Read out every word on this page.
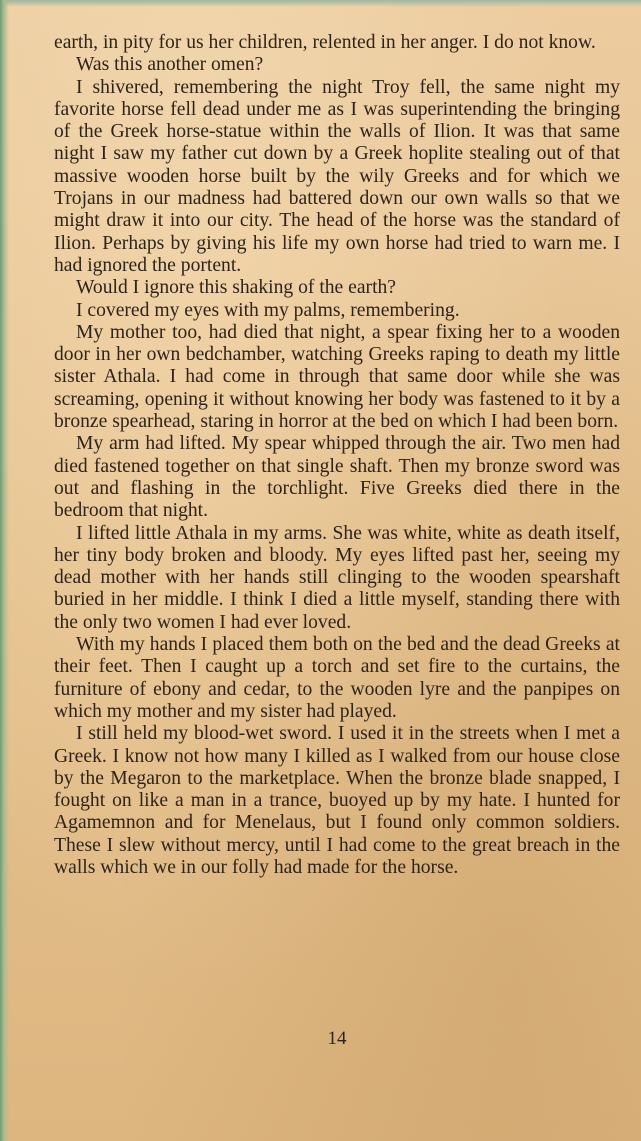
earth, in pity for us her children, relented in her anger. I do not know.

Was this another omen?

I shivered, remembering the night Troy fell, the same night my favorite horse fell dead under me as I was superintending the bringing of the Greek horse-statue within the walls of Ilion. It was that same night I saw my father cut down by a Greek hoplite stealing out of that massive wooden horse built by the wily Greeks and for which we Trojans in our madness had battered down our own walls so that we might draw it into our city. The head of the horse was the standard of Ilion. Perhaps by giving his life my own horse had tried to warn me. I had ignored the portent.

Would I ignore this shaking of the earth?

I covered my eyes with my palms, remembering.

My mother too, had died that night, a spear fixing her to a wooden door in her own bedchamber, watching Greeks raping to death my little sister Athala. I had come in through that same door while she was screaming, opening it without knowing her body was fastened to it by a bronze spearhead, staring in horror at the bed on which I had been born.

My arm had lifted. My spear whipped through the air. Two men had died fastened together on that single shaft. Then my bronze sword was out and flashing in the torchlight. Five Greeks died there in the bedroom that night.

I lifted little Athala in my arms. She was white, white as death itself, her tiny body broken and bloody. My eyes lifted past her, seeing my dead mother with her hands still clinging to the wooden spearshaft buried in her middle. I think I died a little myself, standing there with the only two women I had ever loved.

With my hands I placed them both on the bed and the dead Greeks at their feet. Then I caught up a torch and set fire to the curtains, the furniture of ebony and cedar, to the wooden lyre and the panpipes on which my mother and my sister had played.

I still held my blood-wet sword. I used it in the streets when I met a Greek. I know not how many I killed as I walked from our house close by the Megaron to the marketplace. When the bronze blade snapped, I fought on like a man in a trance, buoyed up by my hate. I hunted for Agamemnon and for Menelaus, but I found only common soldiers. These I slew without mercy, until I had come to the great breach in the walls which we in our folly had made for the horse.

14
